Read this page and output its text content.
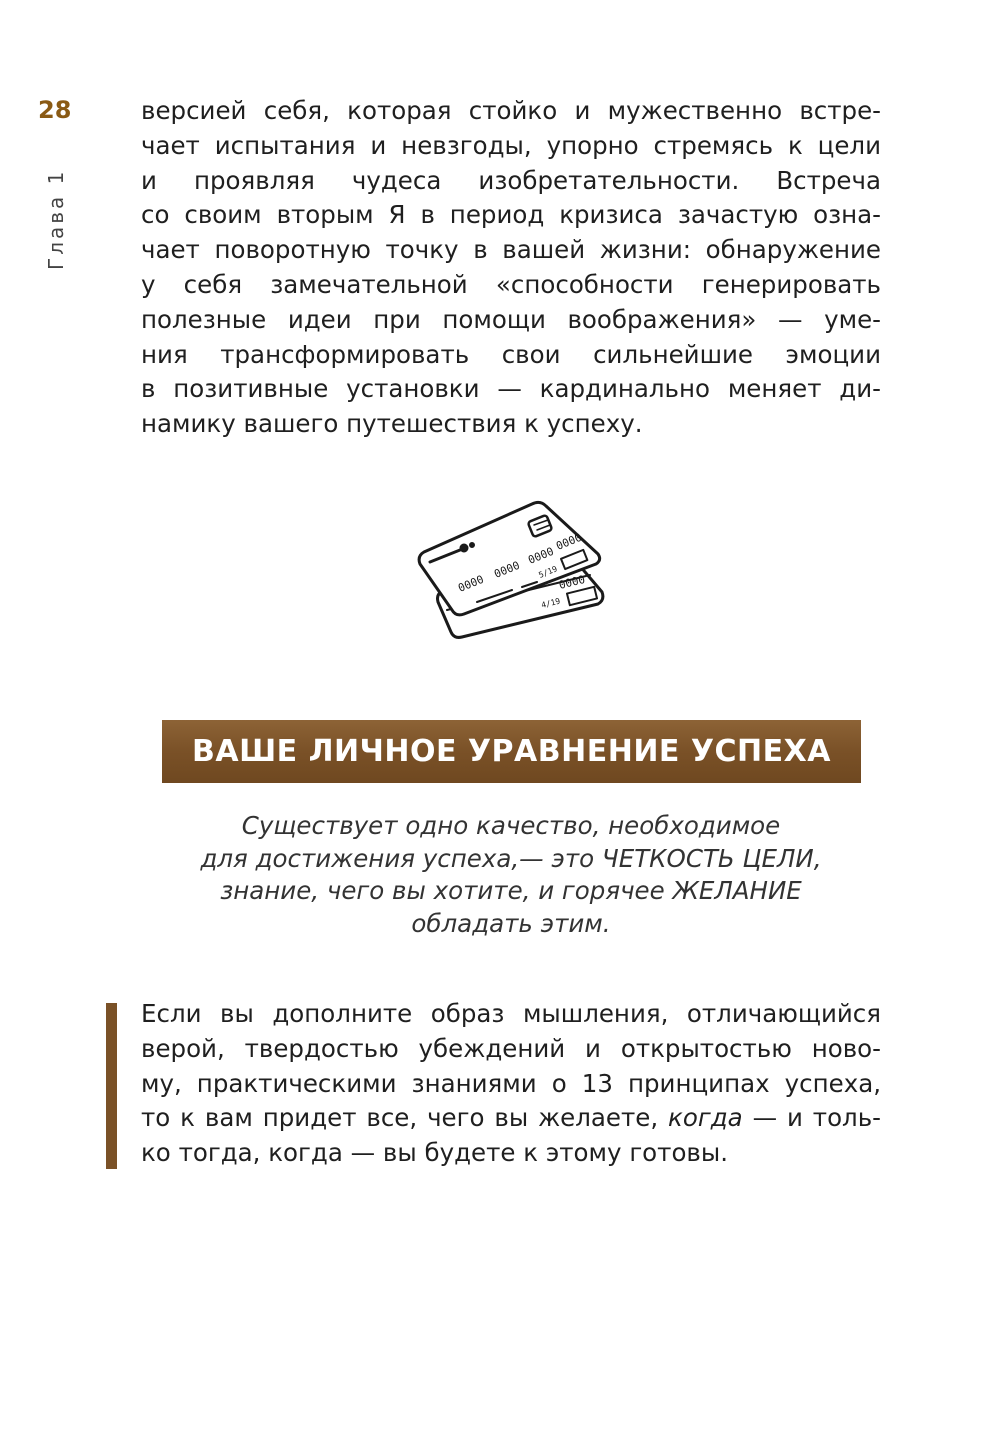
28
Глава 1
версией себя, которая стойко и мужественно встре-
чает испытания и невзгоды, упорно стремясь к цели
и проявляя чудеса изобретательности. Встреча
со своим вторым Я в период кризиса зачастую озна-
чает поворотную точку в вашей жизни: обнаружение
у себя замечательной «способности генерировать
полезные идеи при помощи воображения» — уме-
ния трансформировать свои сильнейшие эмоции
в позитивные установки — кардинально меняет ди-
намику вашего путешествия к успеху.
0000
0000
0000
0000
5/19
0000
4/19
ВАШЕ ЛИЧНОЕ УРАВНЕНИЕ УСПЕХА
Существует одно качество, необходимое
для достижения успеха,— это ЧЕТКОСТЬ ЦЕЛИ,
знание, чего вы хотите, и горячее ЖЕЛАНИЕ
обладать этим.
Если вы дополните образ мышления, отличающийся
верой, твердостью убеждений и открытостью ново-
му, практическими знаниями о 13 принципах успеха,
то к вам придет все, чего вы желаете, когда — и толь-
ко тогда, когда — вы будете к этому готовы.
